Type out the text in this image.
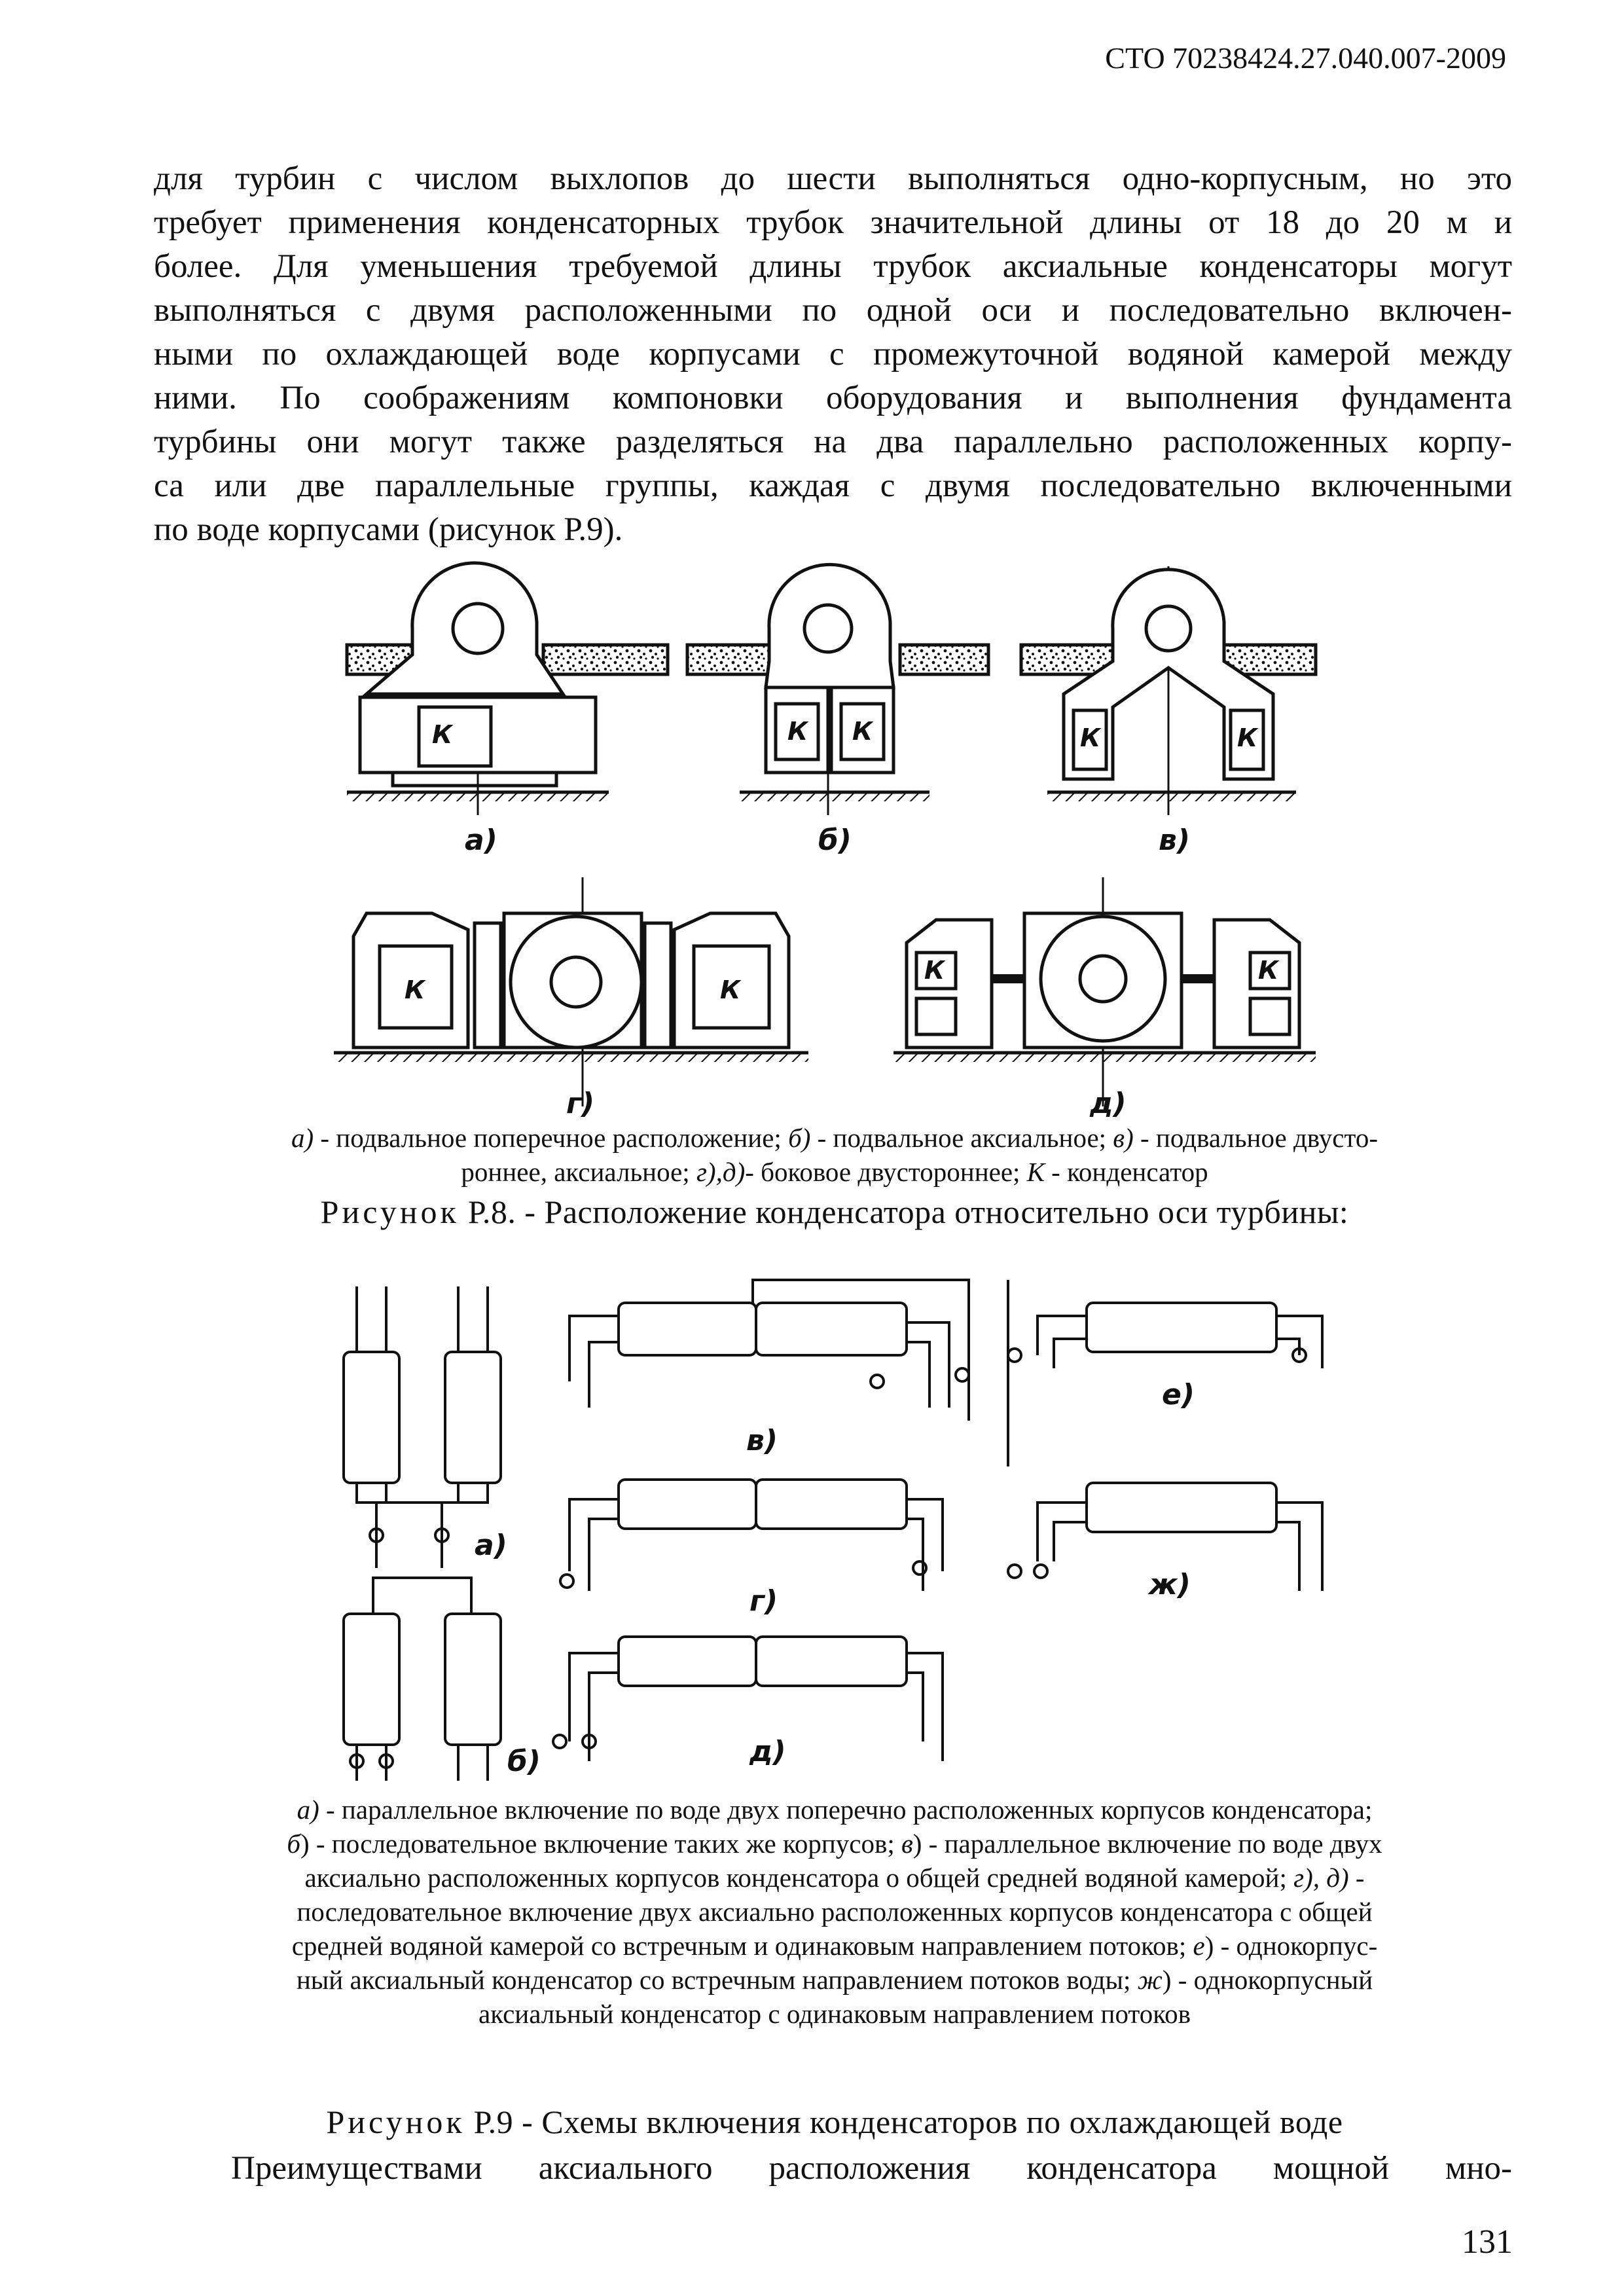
СТО 70238424.27.040.007-2009
для турбин с числом выхлопов до шести выполняться одно-корпусным, но это
требует применения конденсаторных трубок значительной длины от 18 до 20 м и
более. Для уменьшения требуемой длины трубок аксиальные конденсаторы могут
выполняться с двумя расположенными по одной оси и последовательно включен-
ными по охлаждающей воде корпусами с промежуточной водяной камерой между
ними. По соображениям компоновки оборудования и выполнения фундамента
турбины они могут также разделяться на два параллельно расположенных корпу-
са или две параллельные группы, каждая с двумя последовательно включенными
по воде корпусами (рисунок Р.9).
К	К К	К	К
К	К
К	К
а)	б)	в)
г)	д)
а) - подвальное поперечное расположение; б) - подвальное аксиальное; в) - подвальное двусто-
роннее, аксиальное; г),д)- боковое двустороннее; К - конденсатор
Рисунок Р.8. - Расположение конденсатора относительно оси турбины:
а)
б)
в)
г)
д)
е)
ж)
а) - параллельное включение по воде двух поперечно расположенных корпусов конденсатора;
б) - последовательное включение таких же корпусов; в) - параллельное включение по воде двух
аксиально расположенных корпусов конденсатора о общей средней водяной камерой; г), д) -
последовательное включение двух аксиально расположенных корпусов конденсатора с общей
средней водяной камерой со встречным и одинаковым направлением потоков; е) - однокорпус-
ный аксиальный конденсатор со встречным направлением потоков воды; ж) - однокорпусный
аксиальный конденсатор с одинаковым направлением потоков
Рисунок Р.9 - Схемы включения конденсаторов по охлаждающей воде
Преимуществами аксиального расположения конденсатора мощной мно-
131
